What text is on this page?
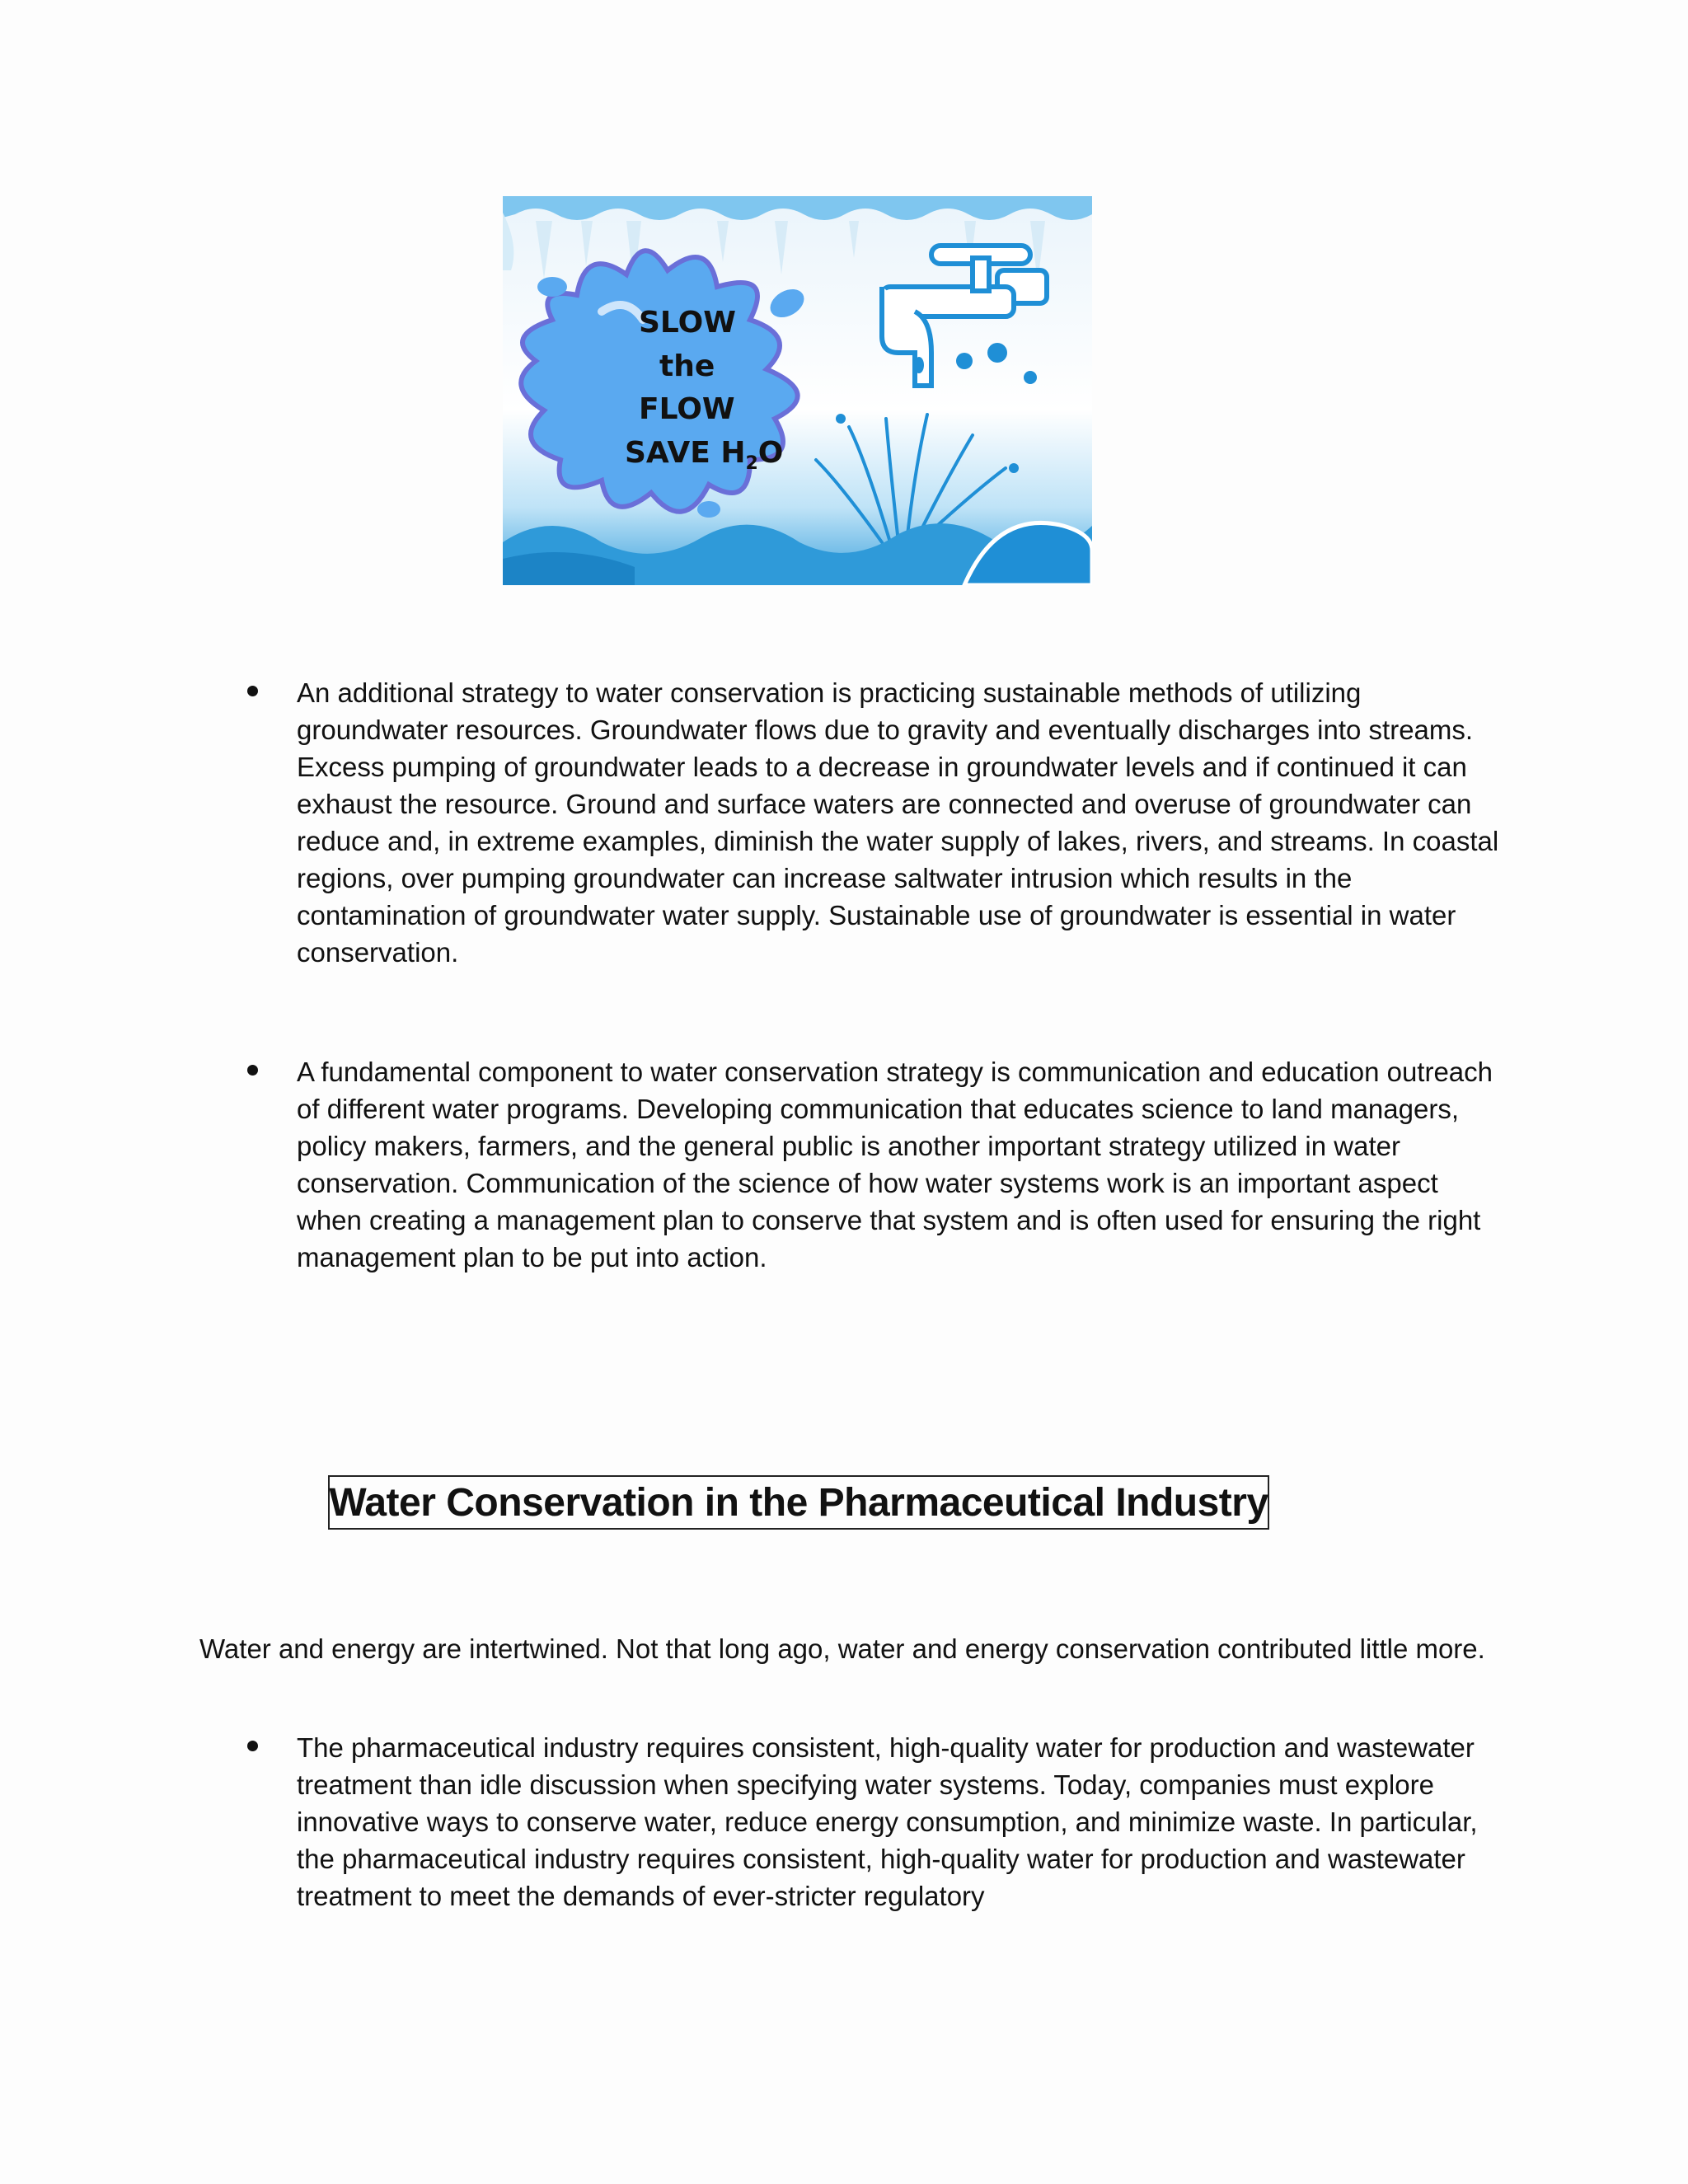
SLOW
the
FLOW
SAVE $H_2O$

An additional strategy to water conservation is practicing sustainable methods of utilizing groundwater resources. Groundwater flows due to gravity and eventually discharges into streams. Excess pumping of groundwater leads to a decrease in groundwater levels and if continued it can exhaust the resource. Ground and surface waters are connected and overuse of groundwater can reduce and, in extreme examples, diminish the water supply of lakes, rivers, and streams. In coastal regions, over pumping groundwater can increase saltwater intrusion which results in the contamination of groundwater water supply. Sustainable use of groundwater is essential in water conservation.

A fundamental component to water conservation strategy is communication and education outreach of different water programs. Developing communication that educates science to land managers, policy makers, farmers, and the general public is another important strategy utilized in water conservation. Communication of the science of how water systems work is an important aspect when creating a management plan to conserve that system and is often used for ensuring the right management plan to be put into action.

Water Conservation in the Pharmaceutical Industry

Water and energy are intertwined. Not that long ago, water and energy conservation contributed little more.

The pharmaceutical industry requires consistent, high-quality water for production and wastewater treatment than idle discussion when specifying water systems. Today, companies must explore innovative ways to conserve water, reduce energy consumption, and minimize waste. In particular, the pharmaceutical industry requires consistent, high-quality water for production and wastewater treatment to meet the demands of ever-stricter regulatory
